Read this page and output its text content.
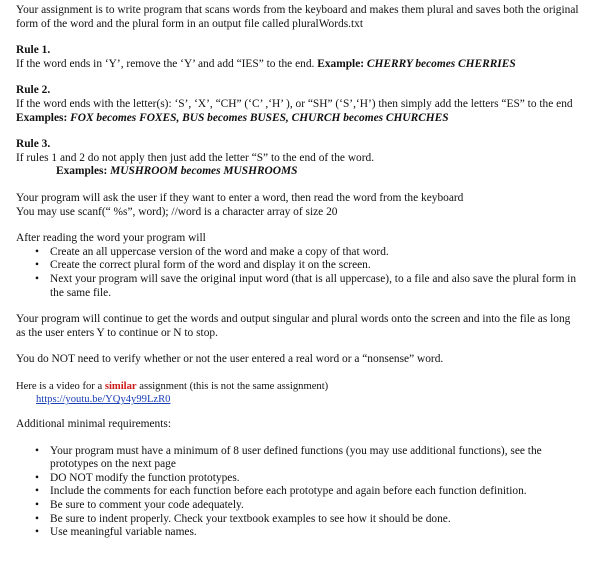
Your assignment is to write program that scans words from the keyboard and makes them plural and saves both the original form of the word and the plural form in an output file called pluralWords.txt

Rule 1.

If the word ends in ‘Y’, remove the ‘Y’ and add “IES” to the end. Example: CHERRY becomes CHERRIES

Rule 2.

If the word ends with the letter(s): ‘S’, ‘X’, “CH” (‘C’ ,‘H’ ), or “SH” (‘S’,‘H’) then simply add the letters “ES” to the end   Examples: FOX becomes FOXES, BUS becomes BUSES, CHURCH becomes CHURCHES

Rule 3.

If rules 1 and 2 do not apply then just add the letter “S” to the end of the word.

Examples: MUSHROOM becomes MUSHROOMS

Your program will ask the user if they want to enter a word, then read the word from the keyboard

You may use scanf(“ %s”, word); //word is a character array of size 20

After reading the word your program will

• Create an all uppercase version of the word and make a copy of that word.
• Create the correct plural form of the word and display it on the screen.
• Next your program will save the original input word (that is all uppercase), to a file and also save the plural form in the same file.

Your program will continue to get the words and output singular and plural words onto the screen and into the file as long as the user enters Y to continue or N to stop.

You do NOT need to verify whether or not the user entered a real word or a “nonsense” word.

Here is a video for a similar assignment (this is not the same assignment)

https://youtu.be/YQy4y99LzR0

Additional minimal requirements:

• Your program must have a minimum of 8 user defined functions (you may use additional functions), see the prototypes on the next page
• DO NOT modify the function prototypes.
• Include the comments for each function before each prototype and again before each function definition.
• Be sure to comment your code adequately.
• Be sure to indent properly. Check your textbook examples to see how it should be done.
• Use meaningful variable names.
